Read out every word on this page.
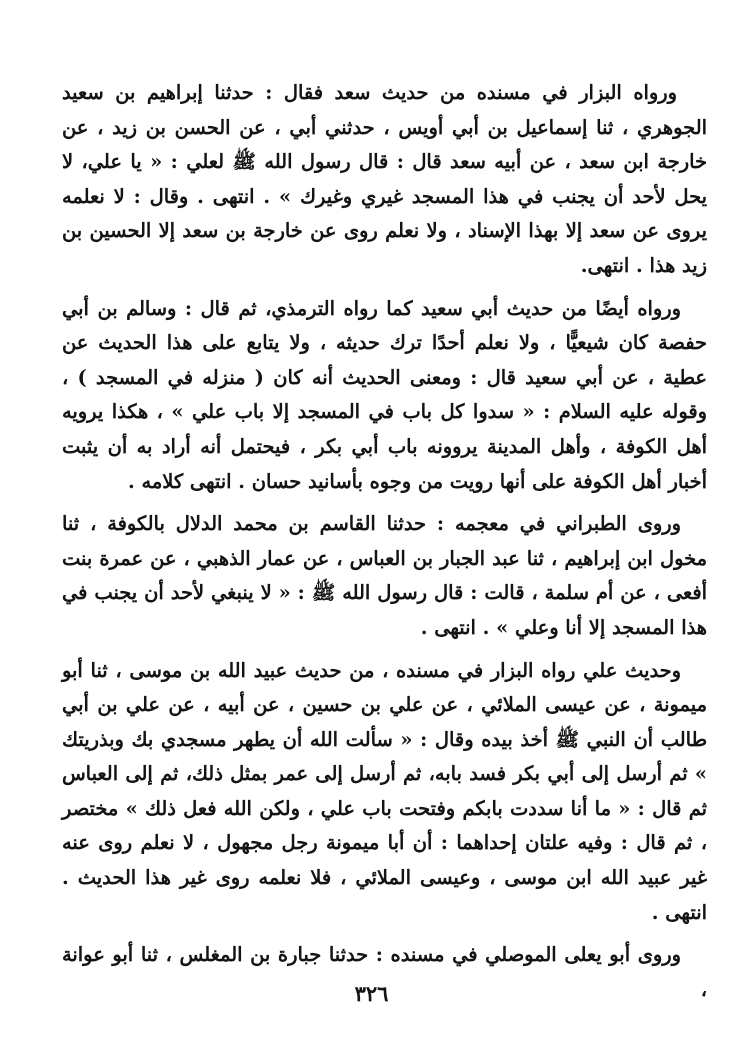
ورواه البزار في مسنده من حديث سعد فقال : حدثنا إبراهيم بن سعيد الجوهري ، ثنا إسماعيل بن أبي أويس ، حدثني أبي ، عن الحسن بن زيد ، عن خارجة ابن سعد ، عن أبيه سعد قال : قال رسول الله ﷺ لعلي : « يا علي، لا يحل لأحد أن يجنب في هذا المسجد غيري وغيرك » . انتهى . وقال : لا نعلمه يروى عن سعد إلا بهذا الإسناد ، ولا نعلم روى عن خارجة بن سعد إلا الحسين بن زيد هذا . انتهى.

ورواه أيضًا من حديث أبي سعيد كما رواه الترمذي، ثم قال : وسالم بن أبي حفصة كان شيعيًّا ، ولا نعلم أحدًا ترك حديثه ، ولا يتابع على هذا الحديث عن عطية ، عن أبي سعيد قال : ومعنى الحديث أنه كان ( منزله في المسجد ) ، وقوله عليه السلام : « سدوا كل باب في المسجد إلا باب علي » ، هكذا يرويه أهل الكوفة ، وأهل المدينة يروونه باب أبي بكر ، فيحتمل أنه أراد به أن يثبت أخبار أهل الكوفة على أنها رويت من وجوه بأسانيد حسان . انتهى كلامه .

وروى الطبراني في معجمه : حدثنا القاسم بن محمد الدلال بالكوفة ، ثنا مخول ابن إبراهيم ، ثنا عبد الجبار بن العباس ، عن عمار الذهبي ، عن عمرة بنت أفعى ، عن أم سلمة ، قالت : قال رسول الله ﷺ : « لا ينبغي لأحد أن يجنب في هذا المسجد إلا أنا وعلي » . انتهى .

وحديث علي رواه البزار في مسنده ، من حديث عبيد الله بن موسى ، ثنا أبو ميمونة ، عن عيسى الملائي ، عن علي بن حسين ، عن أبيه ، عن علي بن أبي طالب أن النبي ﷺ أخذ بيده وقال : « سألت الله أن يطهر مسجدي بك وبذريتك » ثم أرسل إلى أبي بكر فسد بابه، ثم أرسل إلى عمر بمثل ذلك، ثم إلى العباس ثم قال : « ما أنا سددت بابكم وفتحت باب علي ، ولكن الله فعل ذلك » مختصر ، ثم قال : وفيه علتان إحداهما : أن أبا ميمونة رجل مجهول ، لا نعلم روى عنه غير عبيد الله ابن موسى ، وعيسى الملائي ، فلا نعلمه روى غير هذا الحديث . انتهى .

وروى أبو يعلى الموصلي في مسنده : حدثنا جبارة بن المغلس ، ثنا أبو عوانة ،

٣٢٦
